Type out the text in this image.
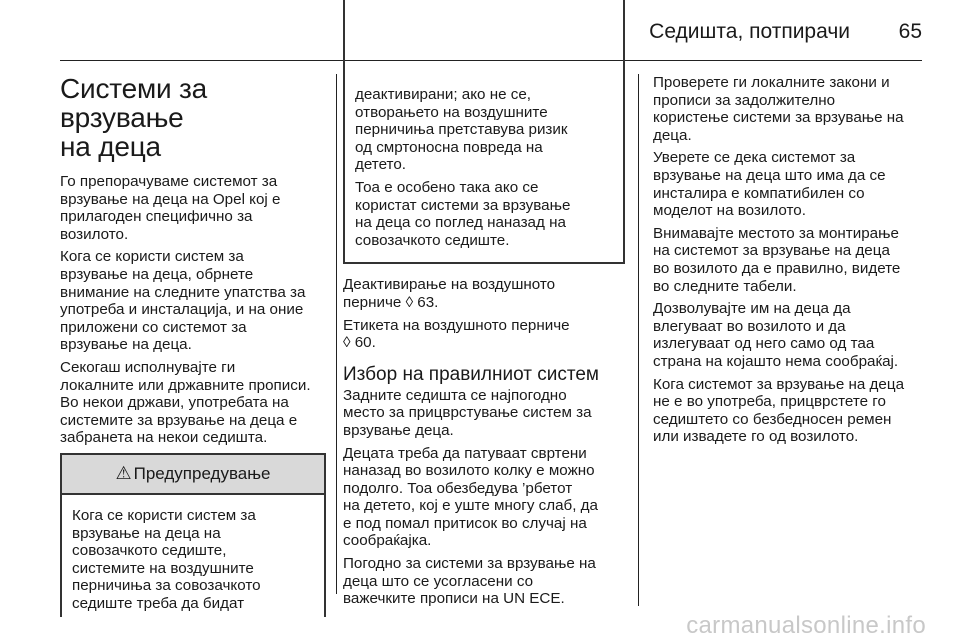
Седишта, потпирачи 65
Системи за врзување
на деца

Го препорачуваме системот за
врзување на деца на Opel кој е
прилагоден специфично за
возилото.

Кога се користи систем за
врзување на деца, обрнете
внимание на следните упатства за
употреба и инсталација, и на оние
приложени со системот за
врзување на деца.

Секогаш исполнувајте ги
локалните или државните прописи.
Во некои држави, употребата на
системите за врзување на деца е
забранета на некои седишта.

⚠ Предупредување
Кога се користи систем за
врзување на деца на
совозачкото седиште,
системите на воздушните
перничиња за совозачкото
седиште треба да бидат

деактивирани; ако не се,
отворањето на воздушните
перничиња претставува ризик
од смртоносна повреда на
детето.

Тоа е особено така ако се
користат системи за врзување
на деца со поглед наназад на
совозачкото седиште.

Деактивирање на воздушното
перниче ◊ 63.

Етикета на воздушното перниче
◊ 60.

Избор на правилниот систем

Задните седишта се најпогодно
место за прицврстување систем за
врзување деца.

Децата треба да патуваат свртени
наназад во возилото колку е можно
подолго. Тоа обезбедува ’рбетот
на детето, кој е уште многу слаб, да
е под помал притисок во случај на
сообраќајка.

Погодно за системи за врзување на
деца што се усогласени со
важечките прописи на UN ECE.

Проверете ги локалните закони и
прописи за задолжително
користење системи за врзување на
деца.

Уверете се дека системот за
врзување на деца што има да се
инсталира е компатибилен со
моделот на возилото.

Внимавајте местото за монтирање
на системот за врзување на деца
во возилото да е правилно, видете
во следните табели.

Дозволувајте им на деца да
влегуваат во возилото и да
излегуваат од него само од таа
страна на којашто нема сообраќај.

Кога системот за врзување на деца
не е во употреба, прицврстете го
седиштето со безбедносен ремен
или извадете го од возилото.

carmanualsonline.info
